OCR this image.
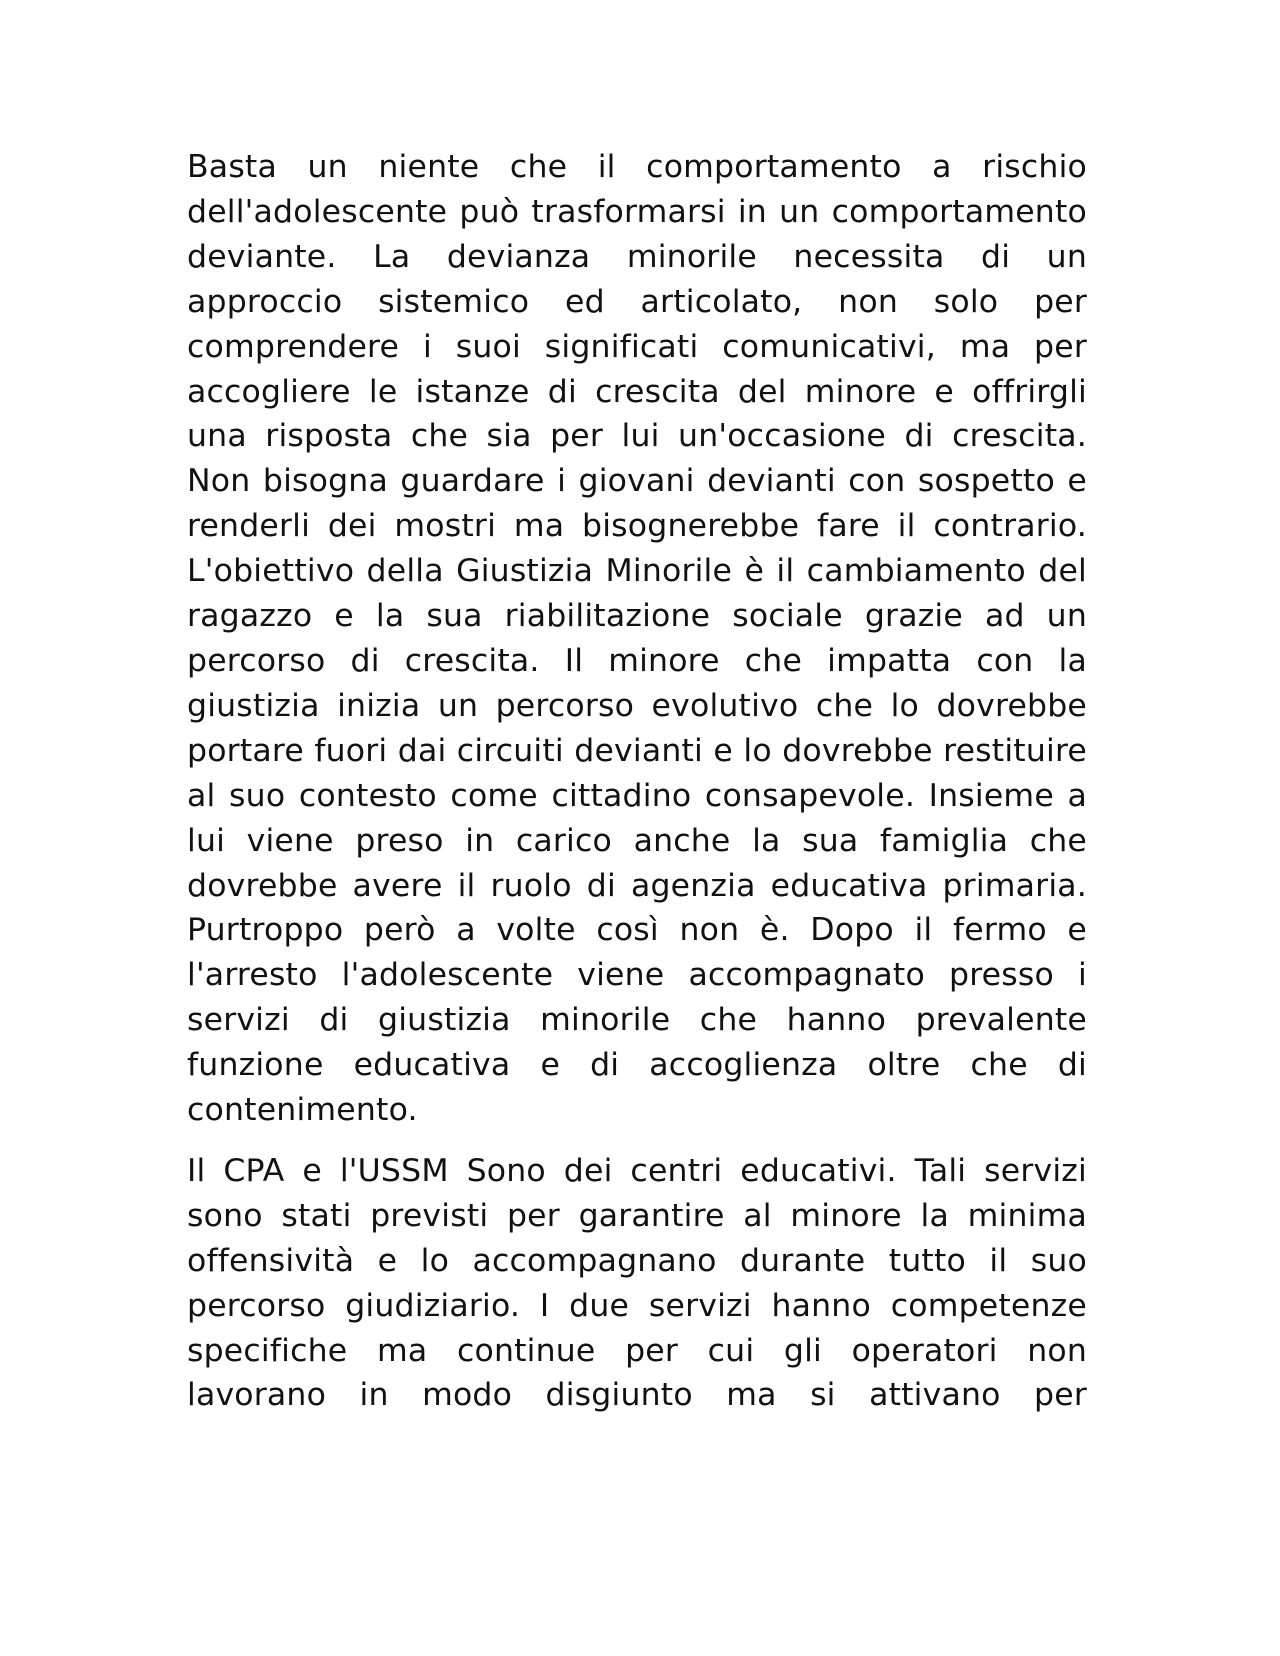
Basta un niente che il comportamento a rischio dell'adolescente può trasformarsi in un comportamento deviante. La devianza minorile necessita di un approccio sistemico ed articolato, non solo per comprendere i suoi significati comunicativi, ma per accogliere le istanze di crescita del minore e offrirgli una risposta che sia per lui un'occasione di crescita. Non bisogna guardare i giovani devianti con sospetto e renderli dei mostri ma bisognerebbe fare il contrario. L'obiettivo della Giustizia Minorile è il cambiamento del ragazzo e la sua riabilitazione sociale grazie ad un percorso di crescita. Il minore che impatta con la giustizia inizia un percorso evolutivo che lo dovrebbe portare fuori dai circuiti devianti e lo dovrebbe restituire al suo contesto come cittadino consapevole. Insieme a lui viene preso in carico anche la sua famiglia che dovrebbe avere il ruolo di agenzia educativa primaria. Purtroppo però a volte così non è. Dopo il fermo e l'arresto l'adolescente viene accompagnato presso i servizi di giustizia minorile che hanno prevalente funzione educativa e di accoglienza oltre che di contenimento.

Il CPA e l'USSM Sono dei centri educativi. Tali servizi sono stati previsti per garantire al minore la minima offensività e lo accompagnano durante tutto il suo percorso giudiziario. I due servizi hanno competenze specifiche ma continue per cui gli operatori non lavorano in modo disgiunto ma si attivano per
